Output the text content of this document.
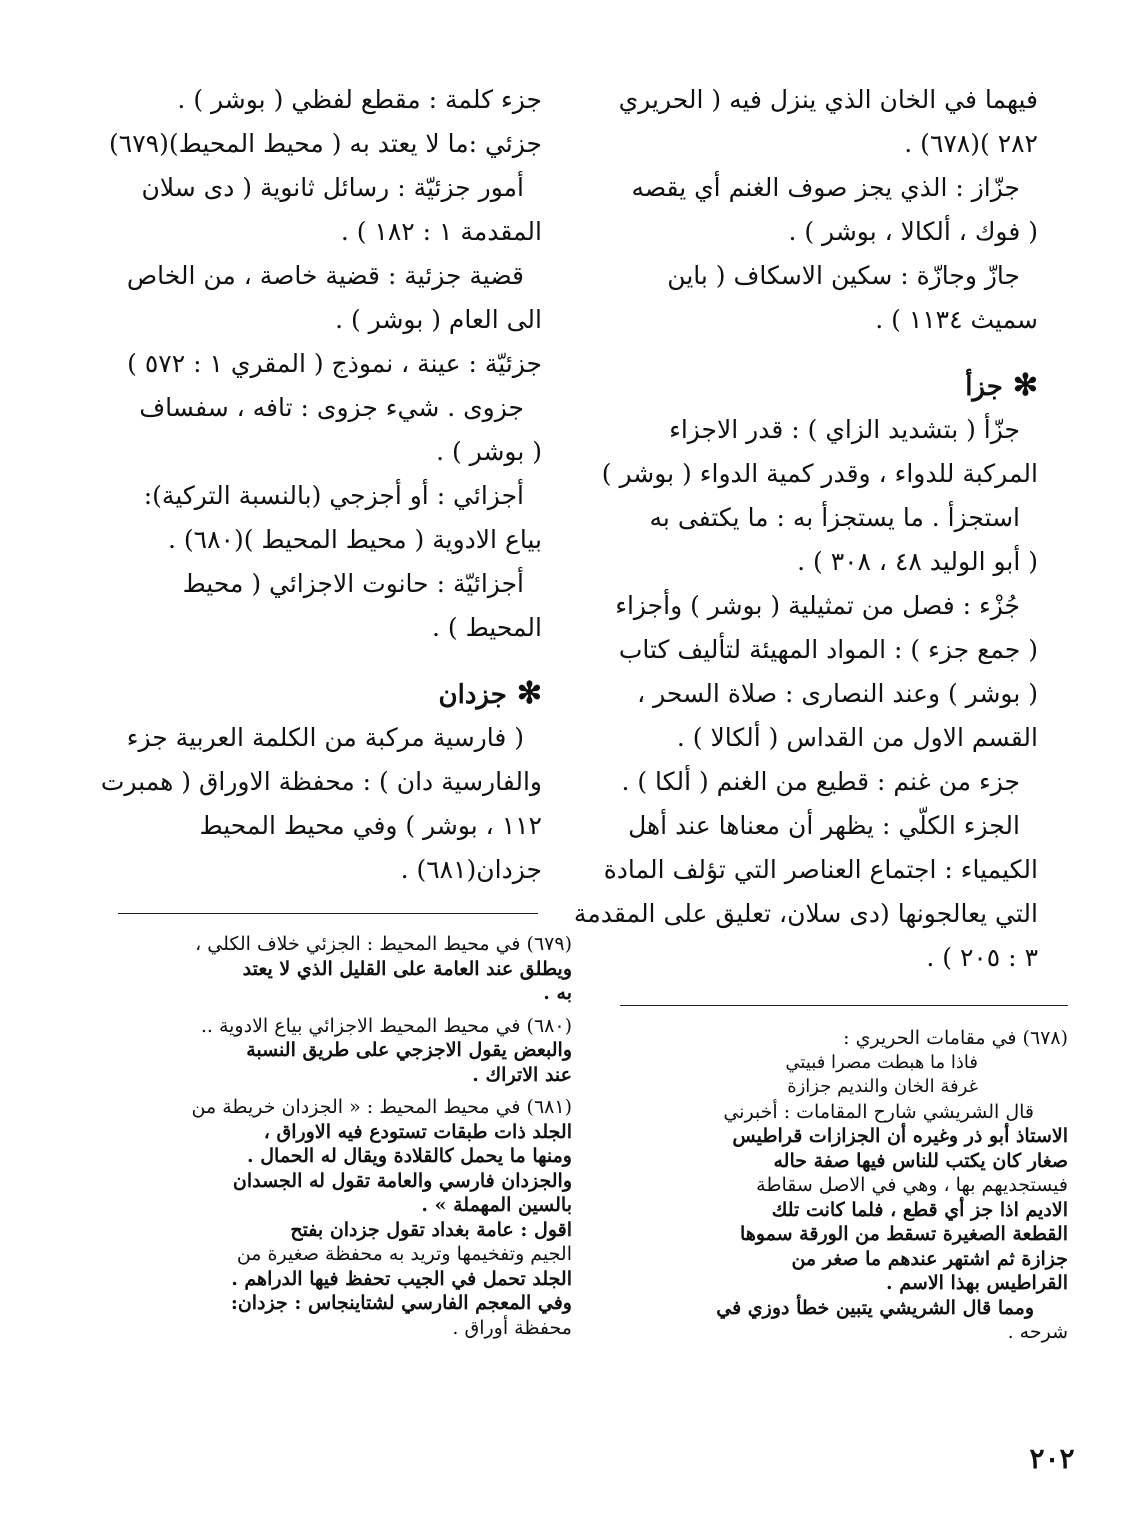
فيهما في الخان الذي ينزل فيه ( الحريري
٢٨٢ )(٦٧٨) .
جزّاز : الذي يجز صوف الغنم أي يقصه
( فوك ، ألكالا ، بوشر ) .
جازّ وجازّة : سكين الاسكاف ( باين
سميث ١١٣٤ ) .
✻جزأ
جزّأ ( بتشديد الزاي ) : قدر الاجزاء
المركبة للدواء ، وقدر كمية الدواء ( بوشر )
استجزأ . ما يستجزأ به : ما يكتفى به
( أبو الوليد ٤٨ ، ٣٠٨ ) .
جُزْء : فصل من تمثيلية ( بوشر ) وأجزاء
( جمع جزء ) : المواد المهيئة لتأليف كتاب
( بوشر ) وعند النصارى : صلاة السحر ،
القسم الاول من القداس ( ألكالا ) .
جزء من غنم : قطيع من الغنم ( ألكا ) .
الجزء الكلّي : يظهر أن معناها عند أهل
الكيمياء : اجتماع العناصر التي تؤلف المادة
التي يعالجونها (دى سلان، تعليق على المقدمة
٣ : ٢٠٥ ) .
جزء كلمة : مقطع لفظي ( بوشر ) .
جزئي :ما لا يعتد به ( محيط المحيط)(٦٧٩)
أمور جزئيّة : رسائل ثانوية ( دى سلان
المقدمة ١ : ١٨٢ ) .
قضية جزئية : قضية خاصة ، من الخاص
الى العام ( بوشر ) .
جزئيّة : عينة ، نموذج ( المقري ١ : ٥٧٢ )
جزوى . شيء جزوى : تافه ، سفساف
( بوشر ) .
أجزائي : أو أجزجي (بالنسبة التركية):
بياع الادوية ( محيط المحيط )(٦٨٠) .
أجزائيّة : حانوت الاجزائي ( محيط
المحيط ) .
✻جزدان
( فارسية مركبة من الكلمة العربية جزء
والفارسية دان ) : محفظة الاوراق ( همبرت
١١٢ ، بوشر ) وفي محيط المحيط
جزدان(٦٨١) .
(٦٧٩) في محيط المحيط : الجزئي خلاف الكلي ،
ويطلق عند العامة على القليل الذي لا يعتد
به .
(٦٨٠) في محيط المحيط الاجزائي بياع الادوية ..
والبعض يقول الاجزجي على طريق النسبة
عند الاتراك .
(٦٨١) في محيط المحيط : « الجزدان خريطة من
الجلد ذات طبقات تستودع فيه الاوراق ،
ومنها ما يحمل كالقلادة ويقال له الحمال .
والجزدان فارسي والعامة تقول له الجسدان
بالسين المهملة » .
اقول : عامة بغداد تقول جزدان بفتح
الجيم وتفخيمها وتريد به محفظة صغيرة من
الجلد تحمل في الجيب تحفظ فيها الدراهم .
وفي المعجم الفارسي لشتاينجاس : جزدان:
محفظة أوراق .
(٦٧٨) في مقامات الحريري :
فاذا ما هبطت مصرا فبيتي
غرفة الخان والنديم جزازة
قال الشريشي شارح المقامات : أخبرني
الاستاذ أبو ذر وغيره أن الجزازات قراطيس
صغار كان يكتب للناس فيها صفة حاله
فيستجديهم بها ، وهي في الاصل سقاطة
الاديم اذا جز أي قطع ، فلما كانت تلك
القطعة الصغيرة تسقط من الورقة سموها
جزازة ثم اشتهر عندهم ما صغر من
القراطيس بهذا الاسم .
ومما قال الشريشي يتبين خطأ دوزي في
شرحه .
٢٠٢
